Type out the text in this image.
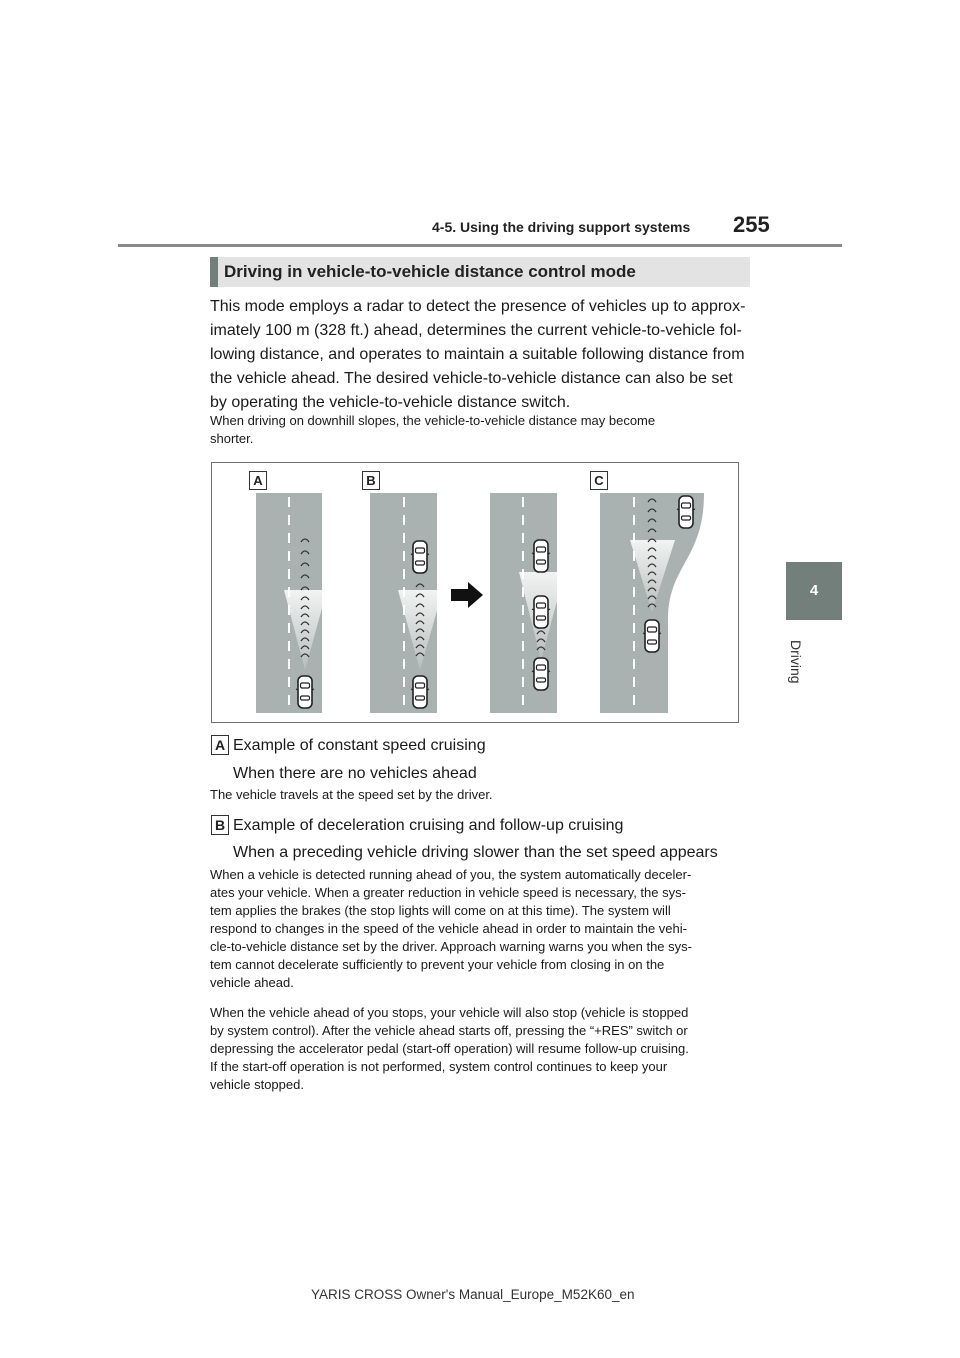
4-5. Using the driving support systems 255
4
Driving
Driving in vehicle-to-vehicle distance control mode
This mode employs a radar to detect the presence of vehicles up to approx-
imately 100 m (328 ft.) ahead, determines the current vehicle-to-vehicle fol-
lowing distance, and operates to maintain a suitable following distance from
the vehicle ahead. The desired vehicle-to-vehicle distance can also be set
by operating the vehicle-to-vehicle distance switch.
When driving on downhill slopes, the vehicle-to-vehicle distance may become
shorter.
A	B	C
A Example of constant speed cruising
When there are no vehicles ahead
The vehicle travels at the speed set by the driver.
B Example of deceleration cruising and follow-up cruising
When a preceding vehicle driving slower than the set speed appears
When a vehicle is detected running ahead of you, the system automatically deceler-
ates your vehicle. When a greater reduction in vehicle speed is necessary, the sys-
tem applies the brakes (the stop lights will come on at this time). The system will
respond to changes in the speed of the vehicle ahead in order to maintain the vehi-
cle-to-vehicle distance set by the driver. Approach warning warns you when the sys-
tem cannot decelerate sufficiently to prevent your vehicle from closing in on the
vehicle ahead.
When the vehicle ahead of you stops, your vehicle will also stop (vehicle is stopped
by system control). After the vehicle ahead starts off, pressing the “+RES” switch or
depressing the accelerator pedal (start-off operation) will resume follow-up cruising.
If the start-off operation is not performed, system control continues to keep your
vehicle stopped.
YARIS CROSS Owner's Manual_Europe_M52K60_en
